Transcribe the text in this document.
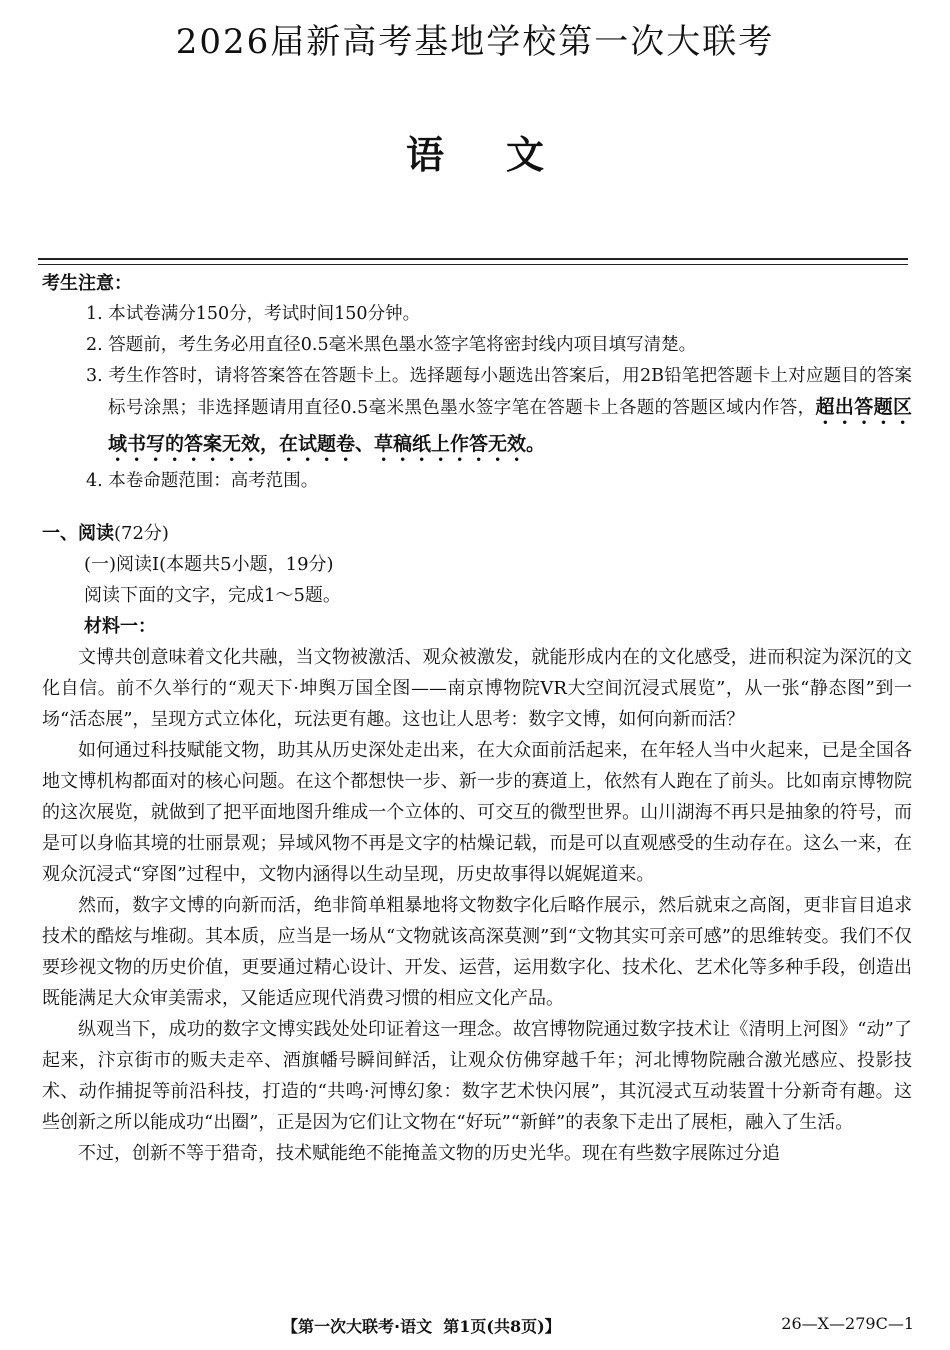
2026届新高考基地学校第一次大联考
语文
考生注意：
1. 本试卷满分150分，考试时间150分钟。
2. 答题前，考生务必用直径0.5毫米黑色墨水签字笔将密封线内项目填写清楚。
3. 考生作答时，请将答案答在答题卡上。选择题每小题选出答案后，用2B铅笔把答题卡上对应题目的答案标号涂黑；非选择题请用直径0.5毫米黑色墨水签字笔在答题卡上各题的答题区域内作答，超出答题区域书写的答案无效，在试题卷、草稿纸上作答无效。
4. 本卷命题范围：高考范围。
一、阅读(72分)
(一)阅读Ⅰ(本题共5小题，19分)
阅读下面的文字，完成1～5题。
材料一：

文博共创意味着文化共融，当文物被激活、观众被激发，就能形成内在的文化感受，进而积淀为深沉的文化自信。前不久举行的“观天下·坤舆万国全图——南京博物院VR大空间沉浸式展览”，从一张“静态图”到一场“活态展”，呈现方式立体化，玩法更有趣。这也让人思考：数字文博，如何向新而活？

如何通过科技赋能文物，助其从历史深处走出来，在大众面前活起来，在年轻人当中火起来，已是全国各地文博机构都面对的核心问题。在这个都想快一步、新一步的赛道上，依然有人跑在了前头。比如南京博物院的这次展览，就做到了把平面地图升维成一个立体的、可交互的微型世界。山川湖海不再只是抽象的符号，而是可以身临其境的壮丽景观；异域风物不再是文字的枯燥记载，而是可以直观感受的生动存在。这么一来，在观众沉浸式“穿图”过程中，文物内涵得以生动呈现，历史故事得以娓娓道来。

然而，数字文博的向新而活，绝非简单粗暴地将文物数字化后略作展示，然后就束之高阁，更非盲目追求技术的酷炫与堆砌。其本质，应当是一场从“文物就该高深莫测”到“文物其实可亲可感”的思维转变。我们不仅要珍视文物的历史价值，更要通过精心设计、开发、运营，运用数字化、技术化、艺术化等多种手段，创造出既能满足大众审美需求，又能适应现代消费习惯的相应文化产品。

纵观当下，成功的数字文博实践处处印证着这一理念。故宫博物院通过数字技术让《清明上河图》“动”了起来，汴京街市的贩夫走卒、酒旗幡号瞬间鲜活，让观众仿佛穿越千年；河北博物院融合激光感应、投影技术、动作捕捉等前沿科技，打造的“共鸣·河博幻象：数字艺术快闪展”，其沉浸式互动装置十分新奇有趣。这些创新之所以能成功“出圈”，正是因为它们让文物在“好玩”“新鲜”的表象下走出了展柜，融入了生活。

不过，创新不等于猎奇，技术赋能绝不能掩盖文物的历史光华。现在有些数字展陈过分追

【第一次大联考·语文 第1页(共8页)】	26—X—279C—1
